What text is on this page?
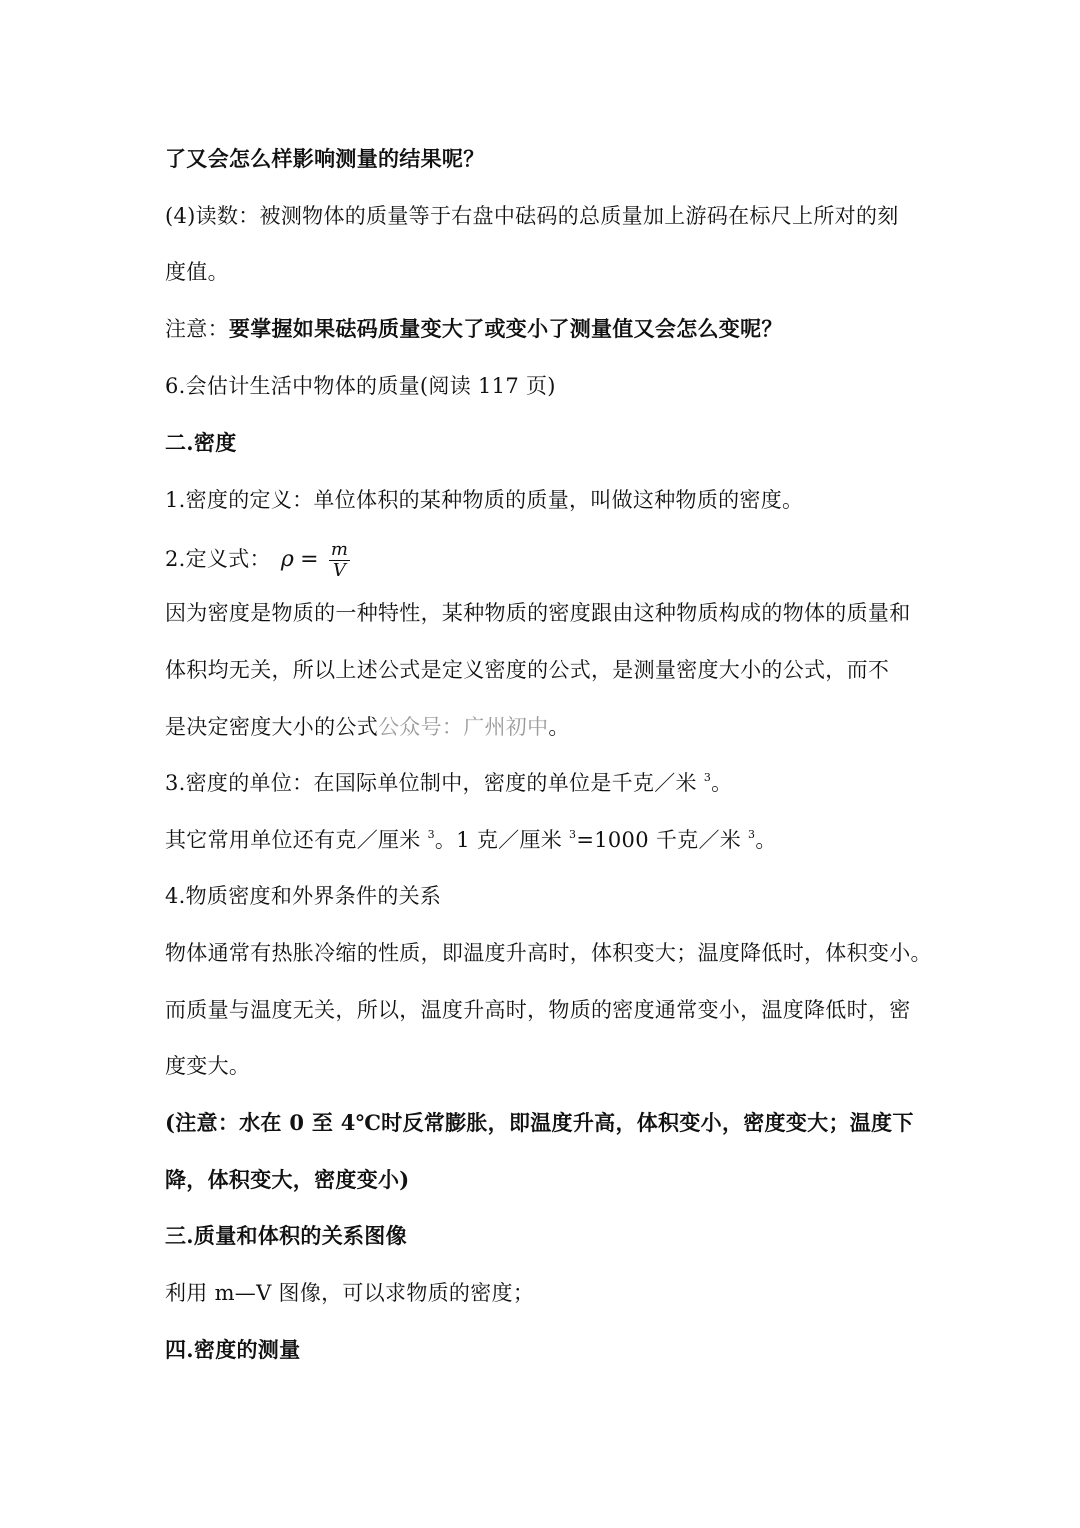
了又会怎么样影响测量的结果呢？
(4)读数：被测物体的质量等于右盘中砝码的总质量加上游码在标尺上所对的刻
度值。
注意：要掌握如果砝码质量变大了或变小了测量值又会怎么变呢？
6.会估计生活中物体的质量(阅读 117 页)
二.密度
1.密度的定义：单位体积的某种物质的质量，叫做这种物质的密度。
2.定义式： $\rho = \frac{m}{V}$
因为密度是物质的一种特性，某种物质的密度跟由这种物质构成的物体的质量和
体积均无关，所以上述公式是定义密度的公式，是测量密度大小的公式，而不
是决定密度大小的公式公众号：广州初中。
3.密度的单位：在国际单位制中，密度的单位是千克／米 $^3$。
其它常用单位还有克／厘米 $^3$。1 克／厘米 $^3$=1000 千克／米 $^3$。
4.物质密度和外界条件的关系
物体通常有热胀冷缩的性质，即温度升高时，体积变大；温度降低时，体积变小。
而质量与温度无关，所以，温度升高时，物质的密度通常变小，温度降低时，密
度变大。
(注意：水在 0 至 4℃时反常膨胀，即温度升高，体积变小，密度变大；温度下
降，体积变大，密度变小)
三.质量和体积的关系图像
利用 m—V 图像，可以求物质的密度；
四.密度的测量
